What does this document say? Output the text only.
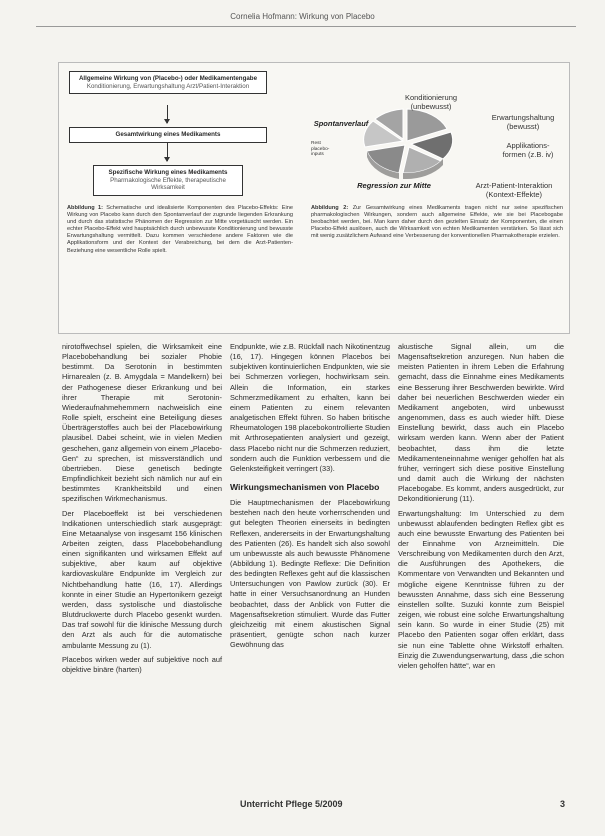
Cornelia Hofmann: Wirkung von Placebo
Allgemeine Wirkung von (Placebo-) oder Medikamentengabe
Konditionierung, Erwartungshaltung Arzt/Patient-Interaktion
Gesamtwirkung eines Medikaments
Spezifische Wirkung eines Medikaments
Pharmakologische Effekte, therapeutische Wirksamkeit
Konditionierung
(unbewusst)
Spontanverlauf
Erwartungshaltung
(bewusst)
Rest
placebo-
inputs
Applikations-
formen (z.B. iv)
Regression zur Mitte	Arzt-Patient-Interaktion
(Kontext-Effekte)
Abbildung 1: Schematische und idealisierte Komponenten des Placebo-Effekts: Eine Wirkung von Placebo kann durch den Spontanverlauf der zugrunde liegenden Erkrankung und durch das statistische Phänomen der Regression zur Mitte vorgetäuscht werden. Ein echter Placebo-Effekt wird hauptsächlich durch unbewusste Konditionierung und bewusste Erwartungshaltung vermittelt. Dazu kommen verschiedene andere Faktoren wie die Applikationsform und der Kontext der Verabreichung, bei dem die Arzt-Patienten-Beziehung eine wesentliche Rolle spielt.
Abbildung 2: Zur Gesamtwirkung eines Medikaments tragen nicht nur seine spezifischen pharmakologischen Wirkungen, sondern auch allgemeine Effekte, wie sie bei Placebogabe beobachtet werden, bei. Man kann daher durch den gezielten Einsatz der Komponenten, die einen Placebo-Effekt auslösen, auch die Wirksamkeit von echten Medikamenten verstärken. So lässt sich mit wenig zusätzlichem Aufwand eine Verbesserung der konventionellen Pharmakotherapie erzielen.

nirotoffwechsel spielen, die Wirksamkeit eine Placebobehandlung bei sozialer Phobie bestimmt. Da Serotonin in bestimmten Hirnarealen (z. B. Amygdala = Mandelkern) bei der Pathogenese dieser Erkrankung und bei ihrer Therapie mit Serotonin-Wiederaufnahmehemmern nachweislich eine Rolle spielt, erscheint eine Beteiligung dieses Überträgerstoffes auch bei der Placebowirkung plausibel. Dabei scheint, wie in vielen Medien geschehen, ganz allgemein von einem „Placebo-Gen“ zu sprechen, ist missverständlich und übertrieben. Diese genetisch bedingte Empfindlichkeit bezieht sich nämlich nur auf ein bestimmtes Krankheitsbild und einen spezifischen Wirkmechanismus.

Der Placeboeffekt ist bei verschiedenen Indikationen unterschiedlich stark ausgeprägt: Eine Metaanalyse von insgesamt 156 klinischen Arbeiten zeigten, dass Placebobehandlung einen signifikanten und wirksamen Effekt auf subjektive, aber kaum auf objektive kardiovaskuläre Endpunkte im Vergleich zur Nichtbehandlung hatte (16, 17). Allerdings konnte in einer Studie an Hypertonikern gezeigt werden, dass systolische und diastolische Blutdruckwerte durch Placebo gesenkt wurden. Das traf sowohl für die klinische Messung durch den Arzt als auch für die automatische ambulante Messung zu (1).

Placebos wirken weder auf subjektive noch auf objektive binäre (harten)

Endpunkte, wie z.B. Rückfall nach Nikotinentzug (16, 17). Hingegen können Placebos bei subjektiven kontinuierlichen Endpunkten, wie sie bei Schmerzen vorliegen, hochwirksam sein. Allein die Information, ein starkes Schmerzmedikament zu erhalten, kann bei einem Patienten zu einem relevanten analgetischen Effekt führen. So haben britische Rheumatologen 198 placebokontrollierte Studien mit Arthrosepatienten analysiert und gezeigt, dass Placebo nicht nur die Schmerzen reduziert, sondern auch die Funktion verbessern und die Gelenksteifigkeit verringert (33).

Wirkungsmechanismen von Placebo

Die Hauptmechanismen der Placebowirkung bestehen nach den heute vorherrschenden und gut belegten Theorien einerseits in bedingten Reflexen, andererseits in der Erwartungshaltung des Patienten (26). Es handelt sich also sowohl um unbewusste als auch bewusste Phänomene (Abbildung 1). Bedingte Reflexe: Die Definition des bedingten Reflexes geht auf die klassischen Untersuchungen von Pawlow zurück (30). Er hatte in einer Versuchsanordnung an Hunden beobachtet, dass der Anblick von Futter die Magensaftsekretion stimuliert. Wurde das Futter gleichzeitig mit einem akustischen Signal präsentiert, genügte schon nach kurzer Gewöhnung das

akustische Signal allein, um die Magensaftsekretion anzuregen. Nun haben die meisten Patienten in ihrem Leben die Erfahrung gemacht, dass die Einnahme eines Medikaments eine Besserung ihrer Beschwerden bewirkte. Wird daher bei neuerlichen Beschwerden wieder ein Medikament angeboten, wird unbewusst angenommen, dass es auch wieder hilft. Diese Einstellung bewirkt, dass auch ein Placebo wirksam werden kann. Wenn aber der Patient beobachtet, dass ihm die letzte Medikamenteneinnahme weniger geholfen hat als früher, verringert sich diese positive Einstellung und damit auch die Wirkung der nächsten Placebogabe. Es kommt, anders ausgedrückt, zur Dekonditionierung (11).

Erwartungshaltung: Im Unterschied zu dem unbewusst ablaufenden bedingten Reflex gibt es auch eine bewusste Erwartung des Patienten bei der Einnahme von Arzneimitteln. Die Verschreibung von Medikamenten durch den Arzt, die Ausführungen des Apothekers, die Kommentare von Verwandten und Bekannten und mögliche eigene Kenntnisse führen zu der bewussten Annahme, dass sich eine Besserung einstellen sollte. Suzuki konnte zum Beispiel zeigen, wie robust eine solche Erwartungshaltung sein kann. So wurde in einer Studie (25) mit Placebo den Patienten sogar offen erklärt, dass sie nun eine Tablette ohne Wirkstoff erhalten. Einzig die Zuwendungserwartung, dass „die schon vielen geholfen hätte“, war en

Unterricht Pflege 5/2009	3
